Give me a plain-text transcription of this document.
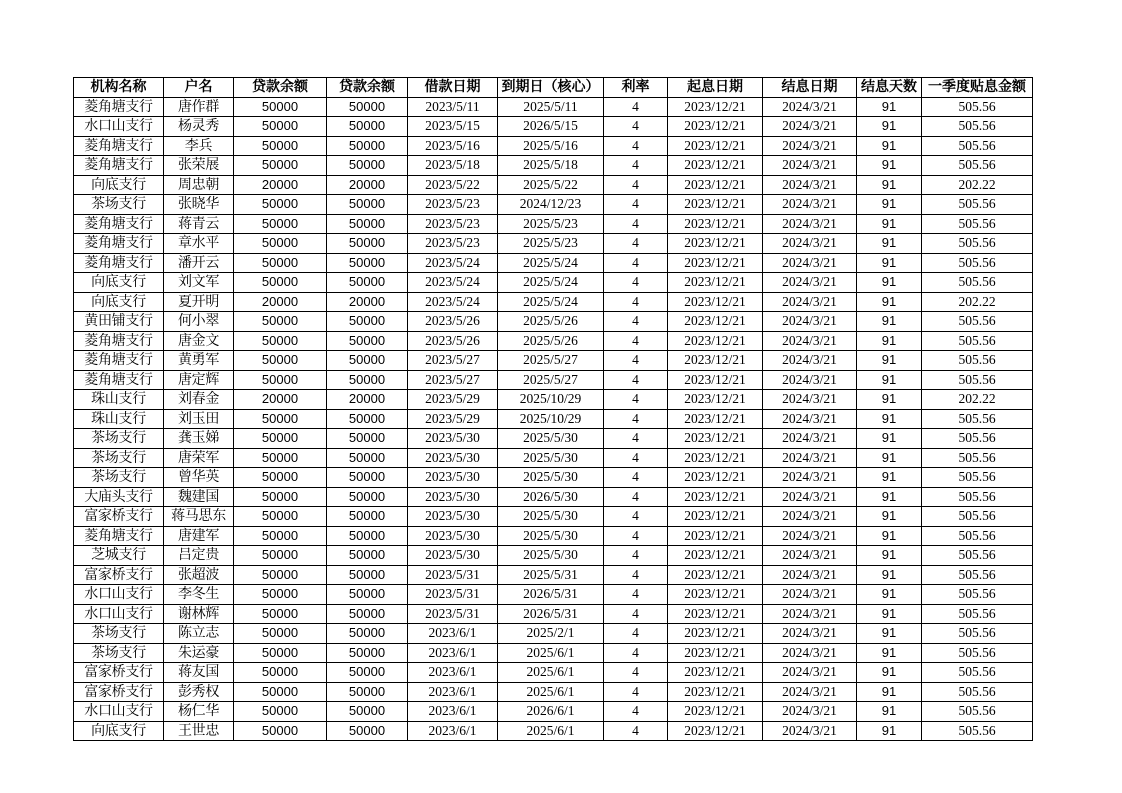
机构名称	户名	贷款余额	贷款余额	借款日期	到期日（核心）	利率	起息日期	结息日期	结息天数	一季度贴息金额
菱角塘支行	唐作群	50000	50000	2023/5/11	2025/5/11	4	2023/12/21	2024/3/21	91	505.56
水口山支行	杨灵秀	50000	50000	2023/5/15	2026/5/15	4	2023/12/21	2024/3/21	91	505.56
菱角塘支行	李兵	50000	50000	2023/5/16	2025/5/16	4	2023/12/21	2024/3/21	91	505.56
菱角塘支行	张荣展	50000	50000	2023/5/18	2025/5/18	4	2023/12/21	2024/3/21	91	505.56
向底支行	周忠朝	20000	20000	2023/5/22	2025/5/22	4	2023/12/21	2024/3/21	91	202.22
茶场支行	张晓华	50000	50000	2023/5/23	2024/12/23	4	2023/12/21	2024/3/21	91	505.56
菱角塘支行	蒋青云	50000	50000	2023/5/23	2025/5/23	4	2023/12/21	2024/3/21	91	505.56
菱角塘支行	章水平	50000	50000	2023/5/23	2025/5/23	4	2023/12/21	2024/3/21	91	505.56
菱角塘支行	潘开云	50000	50000	2023/5/24	2025/5/24	4	2023/12/21	2024/3/21	91	505.56
向底支行	刘文军	50000	50000	2023/5/24	2025/5/24	4	2023/12/21	2024/3/21	91	505.56
向底支行	夏开明	20000	20000	2023/5/24	2025/5/24	4	2023/12/21	2024/3/21	91	202.22
黄田铺支行	何小翠	50000	50000	2023/5/26	2025/5/26	4	2023/12/21	2024/3/21	91	505.56
菱角塘支行	唐金文	50000	50000	2023/5/26	2025/5/26	4	2023/12/21	2024/3/21	91	505.56
菱角塘支行	黄勇军	50000	50000	2023/5/27	2025/5/27	4	2023/12/21	2024/3/21	91	505.56
菱角塘支行	唐定辉	50000	50000	2023/5/27	2025/5/27	4	2023/12/21	2024/3/21	91	505.56
珠山支行	刘春金	20000	20000	2023/5/29	2025/10/29	4	2023/12/21	2024/3/21	91	202.22
珠山支行	刘玉田	50000	50000	2023/5/29	2025/10/29	4	2023/12/21	2024/3/21	91	505.56
茶场支行	龚玉娣	50000	50000	2023/5/30	2025/5/30	4	2023/12/21	2024/3/21	91	505.56
茶场支行	唐荣军	50000	50000	2023/5/30	2025/5/30	4	2023/12/21	2024/3/21	91	505.56
茶场支行	曾华英	50000	50000	2023/5/30	2025/5/30	4	2023/12/21	2024/3/21	91	505.56
大庙头支行	魏建国	50000	50000	2023/5/30	2026/5/30	4	2023/12/21	2024/3/21	91	505.56
富家桥支行	蒋马思东	50000	50000	2023/5/30	2025/5/30	4	2023/12/21	2024/3/21	91	505.56
菱角塘支行	唐建军	50000	50000	2023/5/30	2025/5/30	4	2023/12/21	2024/3/21	91	505.56
芝城支行	吕定贵	50000	50000	2023/5/30	2025/5/30	4	2023/12/21	2024/3/21	91	505.56
富家桥支行	张超波	50000	50000	2023/5/31	2025/5/31	4	2023/12/21	2024/3/21	91	505.56
水口山支行	李冬生	50000	50000	2023/5/31	2026/5/31	4	2023/12/21	2024/3/21	91	505.56
水口山支行	谢林辉	50000	50000	2023/5/31	2026/5/31	4	2023/12/21	2024/3/21	91	505.56
茶场支行	陈立志	50000	50000	2023/6/1	2025/2/1	4	2023/12/21	2024/3/21	91	505.56
茶场支行	朱运豪	50000	50000	2023/6/1	2025/6/1	4	2023/12/21	2024/3/21	91	505.56
富家桥支行	蒋友国	50000	50000	2023/6/1	2025/6/1	4	2023/12/21	2024/3/21	91	505.56
富家桥支行	彭秀权	50000	50000	2023/6/1	2025/6/1	4	2023/12/21	2024/3/21	91	505.56
水口山支行	杨仁华	50000	50000	2023/6/1	2026/6/1	4	2023/12/21	2024/3/21	91	505.56
向底支行	王世忠	50000	50000	2023/6/1	2025/6/1	4	2023/12/21	2024/3/21	91	505.56
